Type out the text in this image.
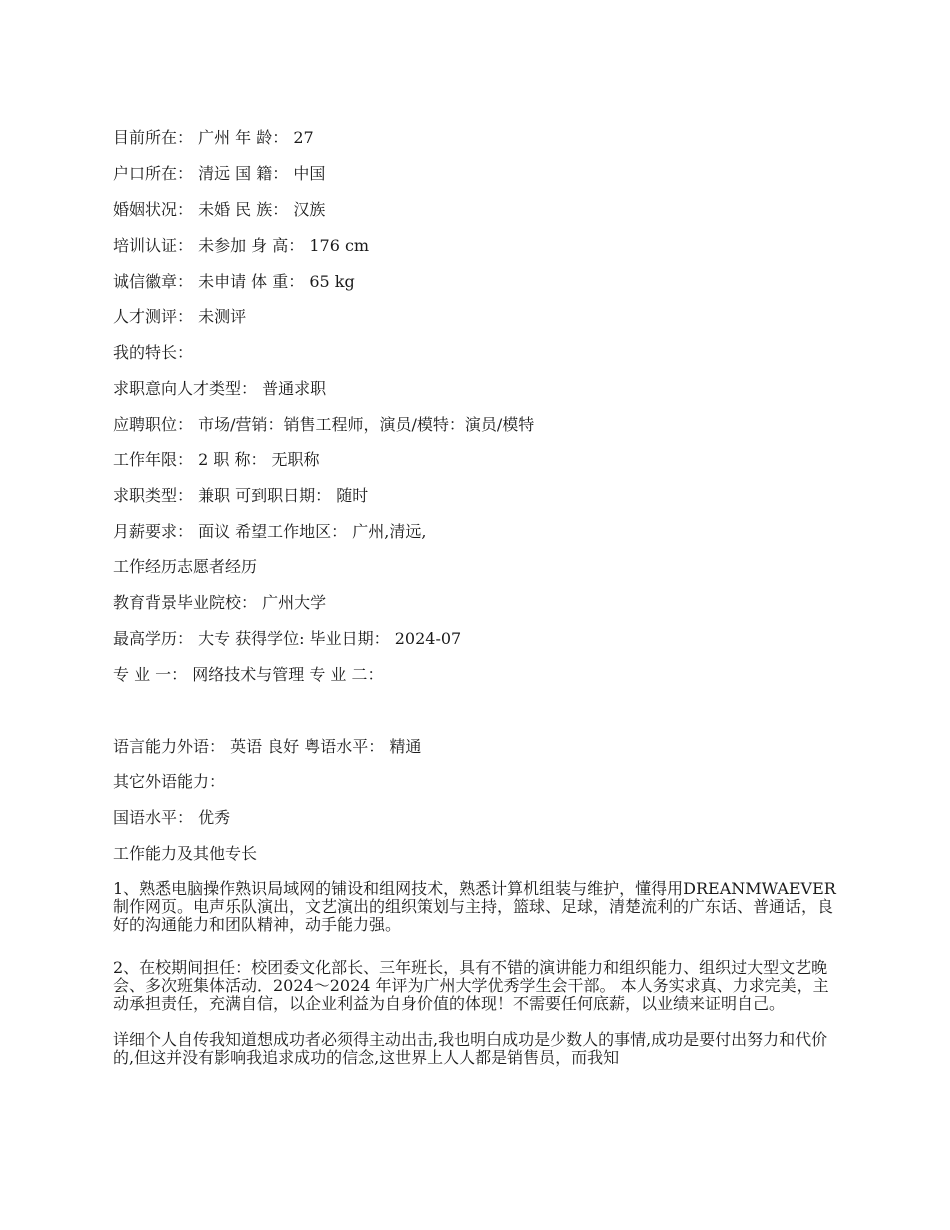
目前所在： 广州 年 龄： 27
户口所在： 清远 国 籍： 中国
婚姻状况： 未婚 民 族： 汉族
培训认证： 未参加 身 高： 176 cm
诚信徽章： 未申请 体 重： 65 kg
人才测评： 未测评
我的特长：
求职意向人才类型： 普通求职
应聘职位： 市场/营销：销售工程师，演员/模特：演员/模特
工作年限： 2 职 称： 无职称
求职类型： 兼职 可到职日期： 随时
月薪要求： 面议 希望工作地区： 广州,清远,
工作经历志愿者经历
教育背景毕业院校： 广州大学
最高学历： 大专 获得学位: 毕业日期： 2024-07
专 业 一： 网络技术与管理 专 业 二：
语言能力外语： 英语 良好 粤语水平： 精通
其它外语能力：
国语水平： 优秀
工作能力及其他专长
1、熟悉电脑操作熟识局域网的铺设和组网技术，熟悉计算机组装与维护，懂得用DREANMWAEVER 制作网页。电声乐队演出，文艺演出的组织策划与主持，篮球、足球，清楚流利的广东话、普通话，良好的沟通能力和团队精神，动手能力强。
2、在校期间担任：校团委文化部长、三年班长，具有不错的演讲能力和组织能力、组织过大型文艺晚会、多次班集体活动．2024～2024 年评为广州大学优秀学生会干部。 本人务实求真、力求完美，主动承担责任，充满自信，以企业利益为自身价值的体现！不需要任何底薪，以业绩来证明自己。
详细个人自传我知道想成功者必须得主动出击,我也明白成功是少数人的事情,成功是要付出努力和代价的,但这并没有影响我追求成功的信念,这世界上人人都是销售员，而我知
